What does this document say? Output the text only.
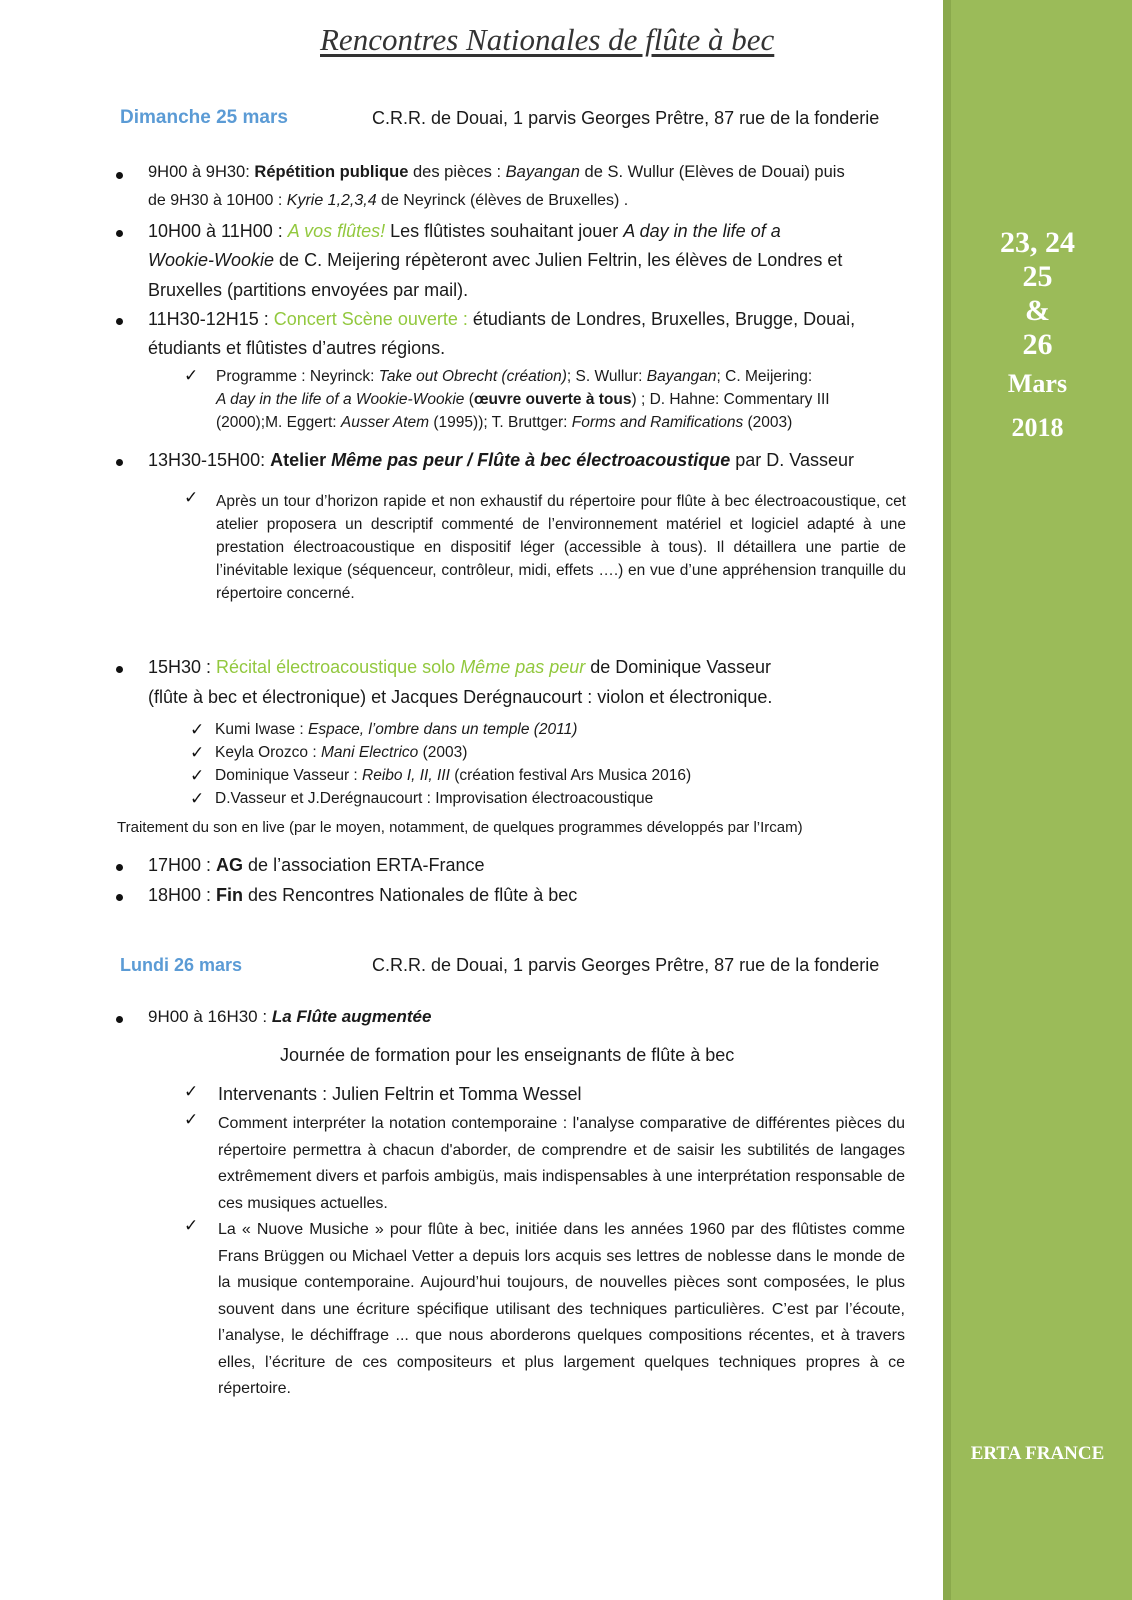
Rencontres Nationales de flûte à bec
Dimanche 25 mars	C.R.R. de Douai, 1 parvis Georges Prêtre, 87 rue de la fonderie
9H00 à 9H30: Répétition publique des pièces : Bayangan de S. Wullur (Elèves de Douai) puis
de 9H30 à 10H00 : Kyrie 1,2,3,4 de Neyrinck (élèves de Bruxelles) .
10H00 à 11H00 : A vos flûtes! Les flûtistes souhaitant jouer A day in the life of a
Wookie-Wookie de C. Meijering répèteront avec Julien Feltrin, les élèves de Londres et
Bruxelles (partitions envoyées par mail).
11H30-12H15 : Concert Scène ouverte : étudiants de Londres, Bruxelles, Brugge, Douai,
étudiants et flûtistes d’autres régions.
✓ Programme : Neyrinck: Take out Obrecht (création); S. Wullur: Bayangan; C. Meijering:
A day in the life of a Wookie-Wookie (œuvre ouverte à tous) ; D. Hahne: Commentary III
(2000);M. Eggert: Ausser Atem (1995)); T. Bruttger: Forms and Ramifications (2003)
13H30-15H00: Atelier Même pas peur / Flûte à bec électroacoustique par D. Vasseur
✓ Après un tour d’horizon rapide et non exhaustif du répertoire pour flûte à bec électroacoustique, cet atelier proposera un descriptif commenté de l’environnement matériel et logiciel adapté à une prestation électroacoustique en dispositif léger (accessible à tous). Il détaillera une partie de l’inévitable lexique (séquenceur, contrôleur, midi, effets ….) en vue d’une appréhension tranquille du répertoire concerné.
15H30 : Récital électroacoustique solo Même pas peur de Dominique Vasseur
(flûte à bec et électronique) et Jacques Derégnaucourt : violon et électronique.
✓ Kumi Iwase : Espace, l’ombre dans un temple (2011)
✓ Keyla Orozco : Mani Electrico (2003)
✓ Dominique Vasseur : Reibo I, II, III (création festival Ars Musica 2016)
✓ D.Vasseur et J.Derégnaucourt : Improvisation électroacoustique
Traitement du son en live (par le moyen, notamment, de quelques programmes développés par l’Ircam)
17H00 : AG de l’association ERTA-France
18H00 : Fin des Rencontres Nationales de flûte à bec
Lundi 26 mars	C.R.R. de Douai, 1 parvis Georges Prêtre, 87 rue de la fonderie
9H00 à 16H30 : La Flûte augmentée
Journée de formation pour les enseignants de flûte à bec
✓ Intervenants : Julien Feltrin et Tomma Wessel
✓ Comment interpréter la notation contemporaine : l'analyse comparative de différentes pièces du répertoire permettra à chacun d'aborder, de comprendre et de saisir les subtilités de langages extrêmement divers et parfois ambigüs, mais indispensables à une interprétation responsable de ces musiques actuelles.
✓ La « Nuove Musiche » pour flûte à bec, initiée dans les années 1960 par des flûtistes comme Frans Brüggen ou Michael Vetter a depuis lors acquis ses lettres de noblesse dans le monde de la musique contemporaine. Aujourd’hui toujours, de nouvelles pièces sont composées, le plus souvent dans une écriture spécifique utilisant des techniques particulières. C’est par l’écoute, l’analyse, le déchiffrage ... que nous aborderons quelques compositions récentes, et à travers elles, l’écriture de ces compositeurs et plus largement quelques techniques propres à ce répertoire.
23, 24
25
&
26
Mars
2018
ERTA FRANCE
